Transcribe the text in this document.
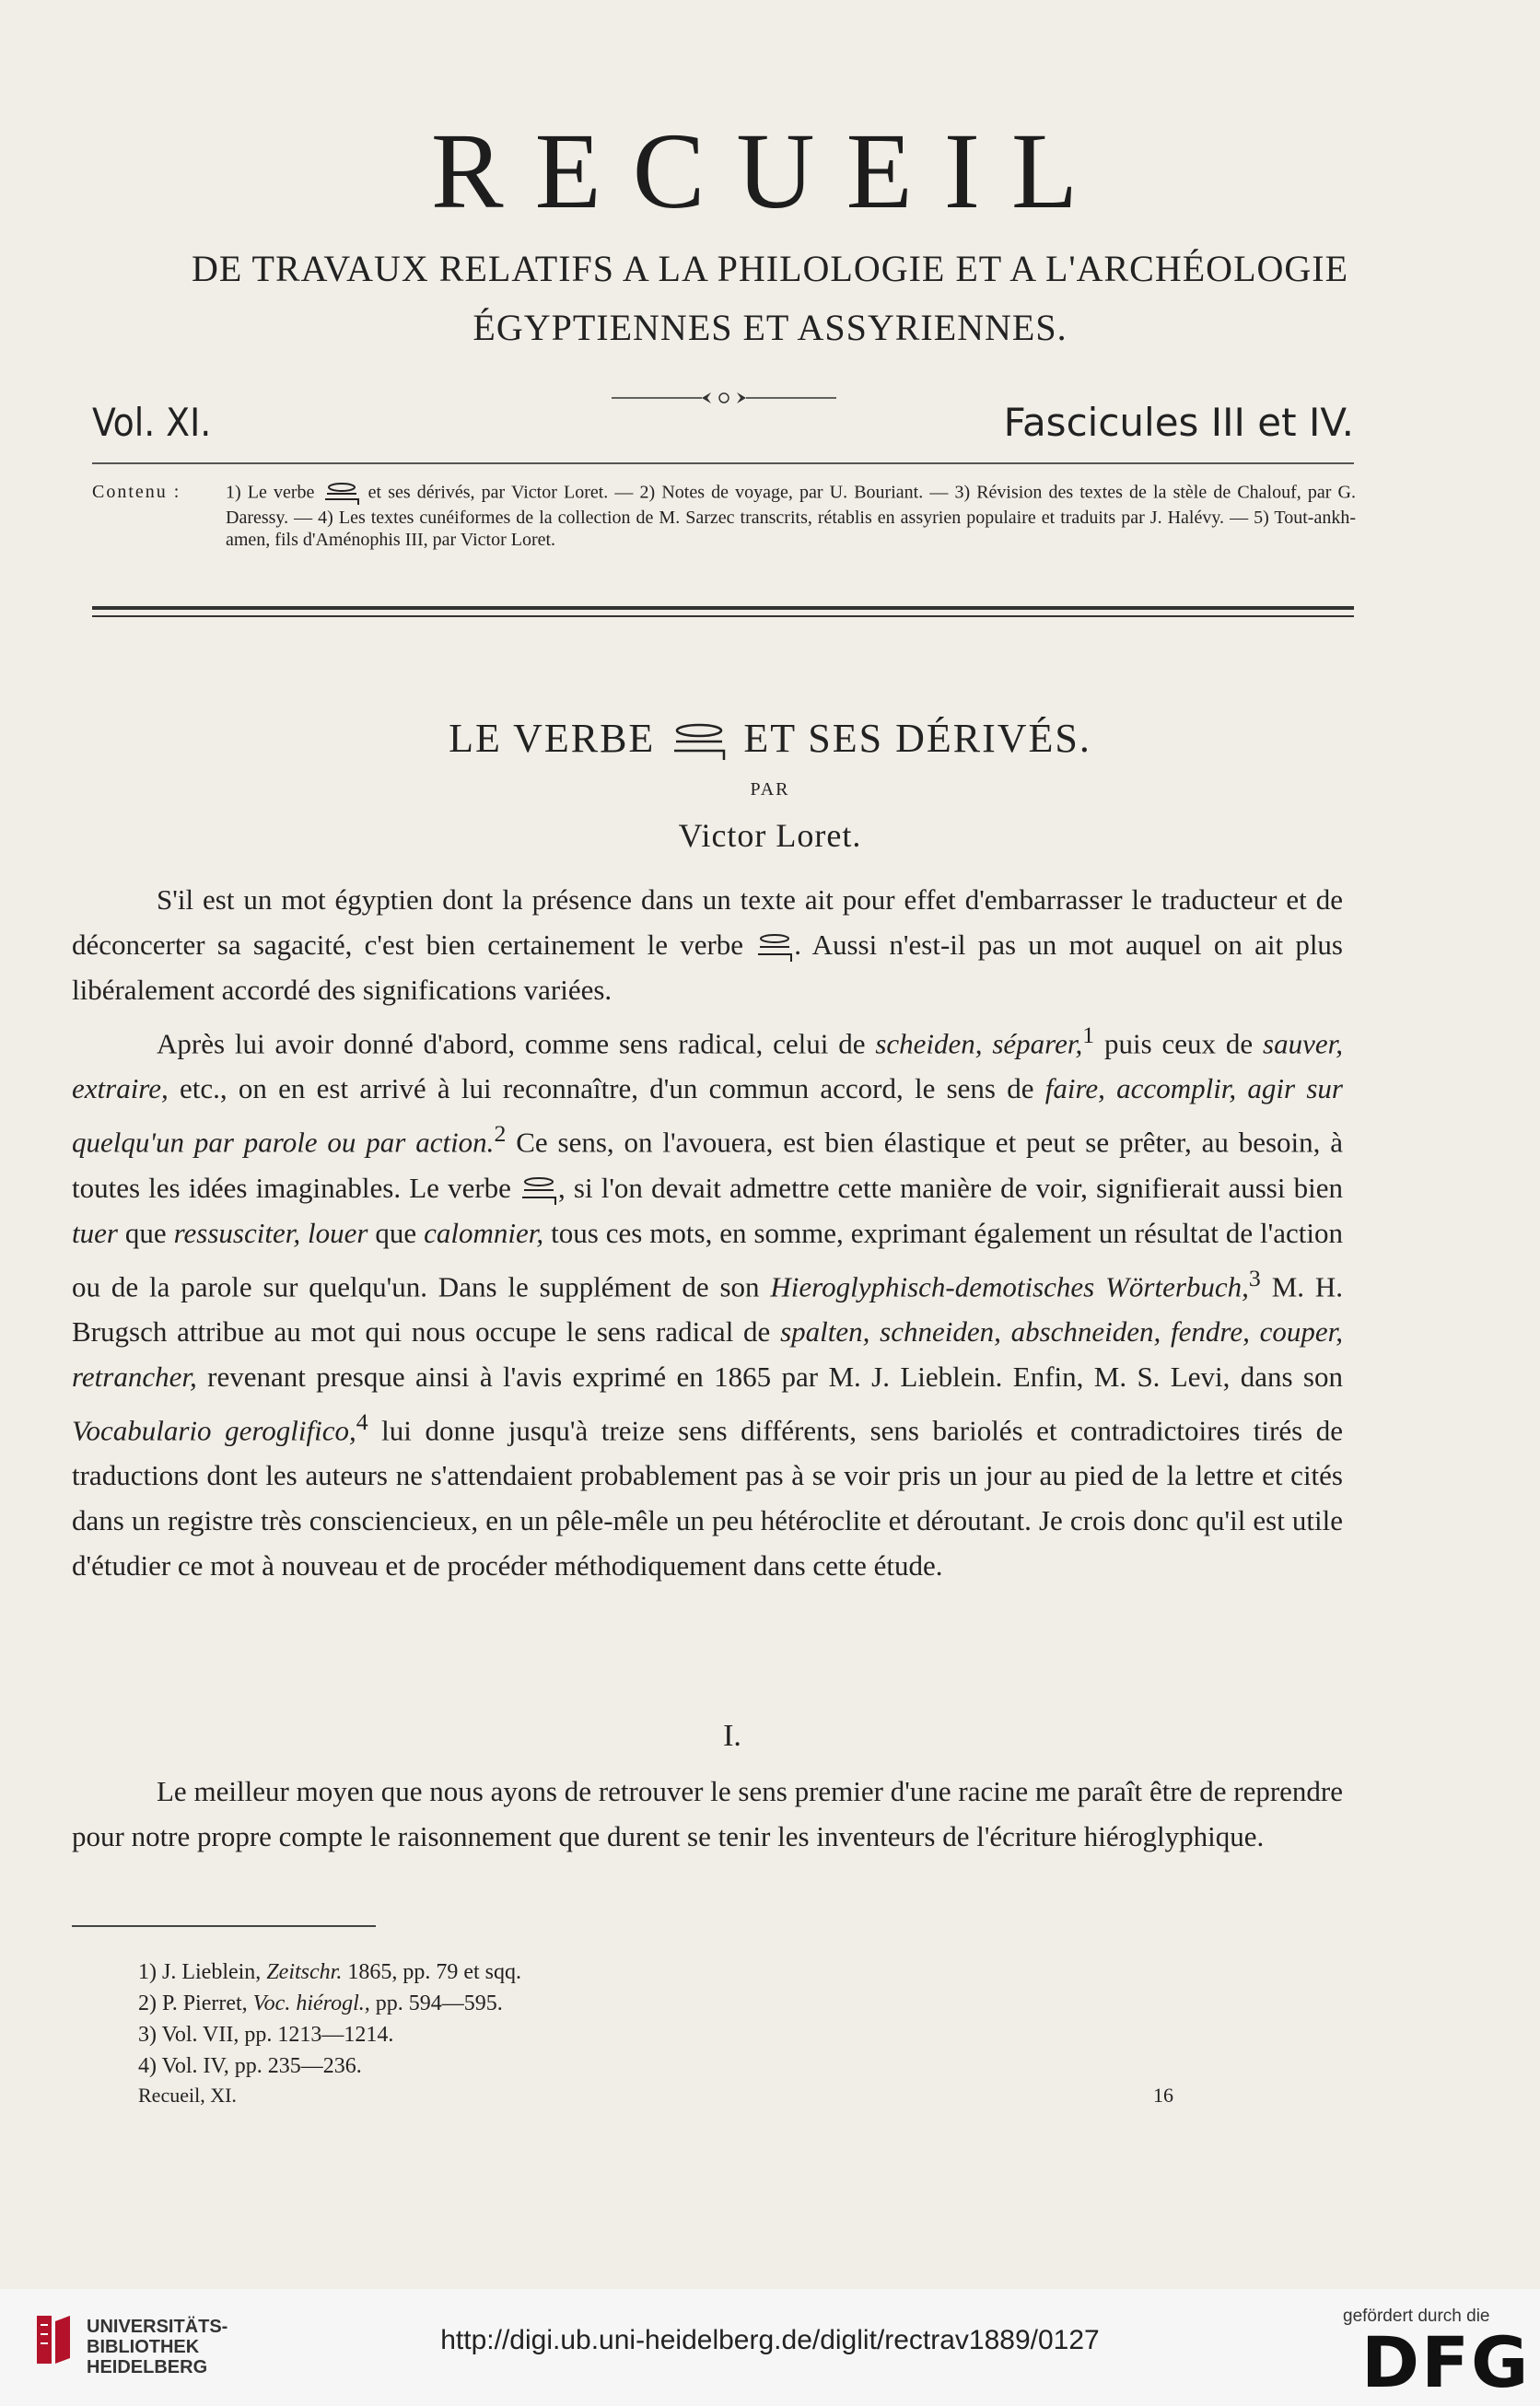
RECUEIL
DE TRAVAUX RELATIFS A LA PHILOLOGIE ET A L'ARCHÉOLOGIE
ÉGYPTIENNES ET ASSYRIENNES.
Vol. XI.	Fascicules III et IV.
Contenu : 1) Le verbe	et ses dérivés, par Victor Loret. — 2) Notes de voyage, par U. Bouriant. — 3) Révision des textes de la stèle de Chalouf, par G. Daressy. — 4) Les textes cunéiformes de la collection de M. Sarzec transcrits, rétablis en assyrien populaire et traduits par J. Halévy. — 5) Tout-ankh-amen, fils d'Aménophis III, par Victor Loret.
LE VERBE ET SES DÉRIVÉS.
PAR
Victor Loret.

S'il est un mot égyptien dont la présence dans un texte ait pour effet d'embarrasser le traducteur et de déconcerter sa sagacité, c'est bien certainement le verbe . Aussi n'est-il pas un mot auquel on ait plus libéralement accordé des significations variées.

Après lui avoir donné d'abord, comme sens radical, celui de scheiden, séparer,$^1$ puis ceux de sauver, extraire, etc., on en est arrivé à lui reconnaître, d'un commun accord, le sens de faire, accomplir, agir sur quelqu'un par parole ou par action.$^2$ Ce sens, on l'avouera, est bien élastique et peut se prêter, au besoin, à toutes les idées imaginables. Le verbe , si l'on devait admettre cette manière de voir, signifierait aussi bien tuer que ressusciter, louer que calomnier, tous ces mots, en somme, exprimant également un résultat de l'action ou de la parole sur quelqu'un. Dans le supplément de son Hieroglyphisch-demotisches Wörterbuch,$^3$ M. H. Brugsch attribue au mot qui nous occupe le sens radical de spalten, schneiden, abschneiden, fendre, couper, retrancher, revenant presque ainsi à l'avis exprimé en 1865 par M. J. Lieblein. Enfin, M. S. Levi, dans son Vocabulario geroglifico,$^4$ lui donne jusqu'à treize sens différents, sens bariolés et contradictoires tirés de traductions dont les auteurs ne s'attendaient probablement pas à se voir pris un jour au pied de la lettre et cités dans un registre très consciencieux, en un pêle-mêle un peu hétéroclite et déroutant. Je crois donc qu'il est utile d'étudier ce mot à nouveau et de procéder méthodiquement dans cette étude.

I.

Le meilleur moyen que nous ayons de retrouver le sens premier d'une racine me paraît être de reprendre pour notre propre compte le raisonnement que durent se tenir les inventeurs de l'écriture hiéroglyphique.

1) J. Lieblein, Zeitschr. 1865, pp. 79 et sqq.
2) P. Pierret, Voc. hiérogl., pp. 594—595.
3) Vol. VII, pp. 1213—1214.
4) Vol. IV, pp. 235—236.
Recueil, XI.	16
UNIVERSITÄTS-
BIBLIOTHEK
HEIDELBERG
http://digi.ub.uni-heidelberg.de/diglit/rectrav1889/0127
gefördert durch die
DFG
